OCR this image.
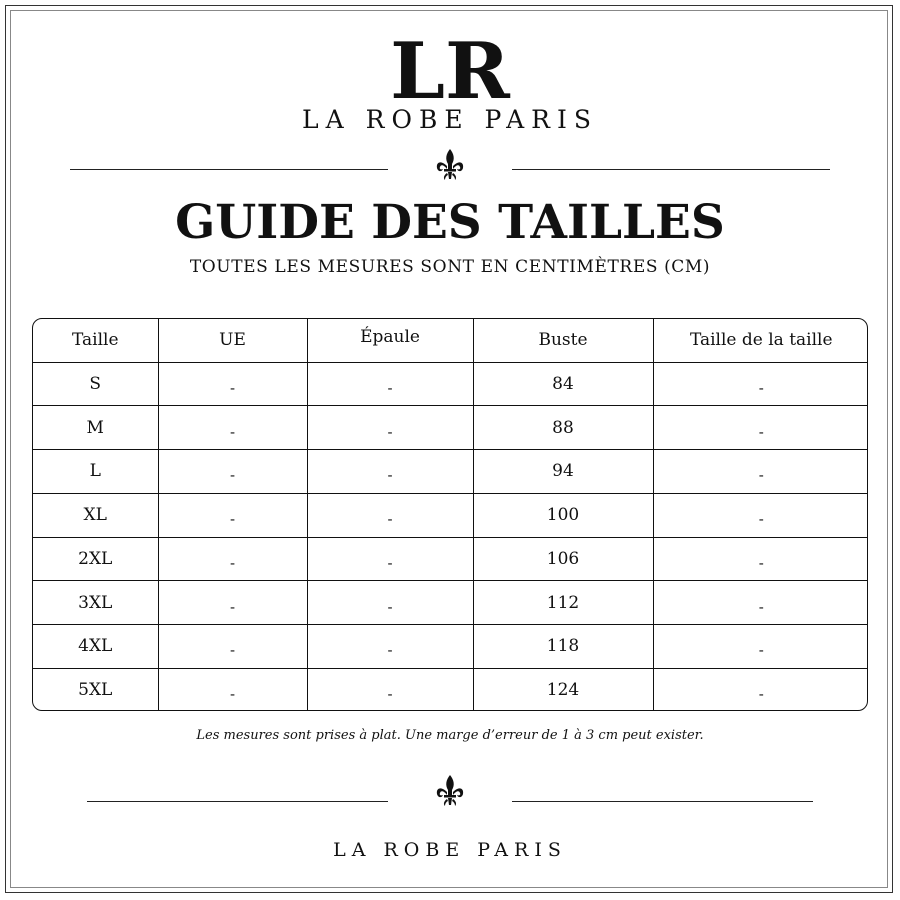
LR
LA ROBE PARIS
GUIDE DES TAILLES
TOUTES LES MESURES SONT EN CENTIMÈTRES (CM)
Taille	UE	Épaule	Buste	Taille de la taille
S	-	-	84	-
M	-	-	88	-
L	-	-	94	-
XL	-	-	100	-
2XL	-	-	106	-
3XL	-	-	112	-
4XL	-	-	118	-
5XL	-	-	124	-
Les mesures sont prises à plat. Une marge d’erreur de 1 à 3 cm peut exister.
LA ROBE PARIS
